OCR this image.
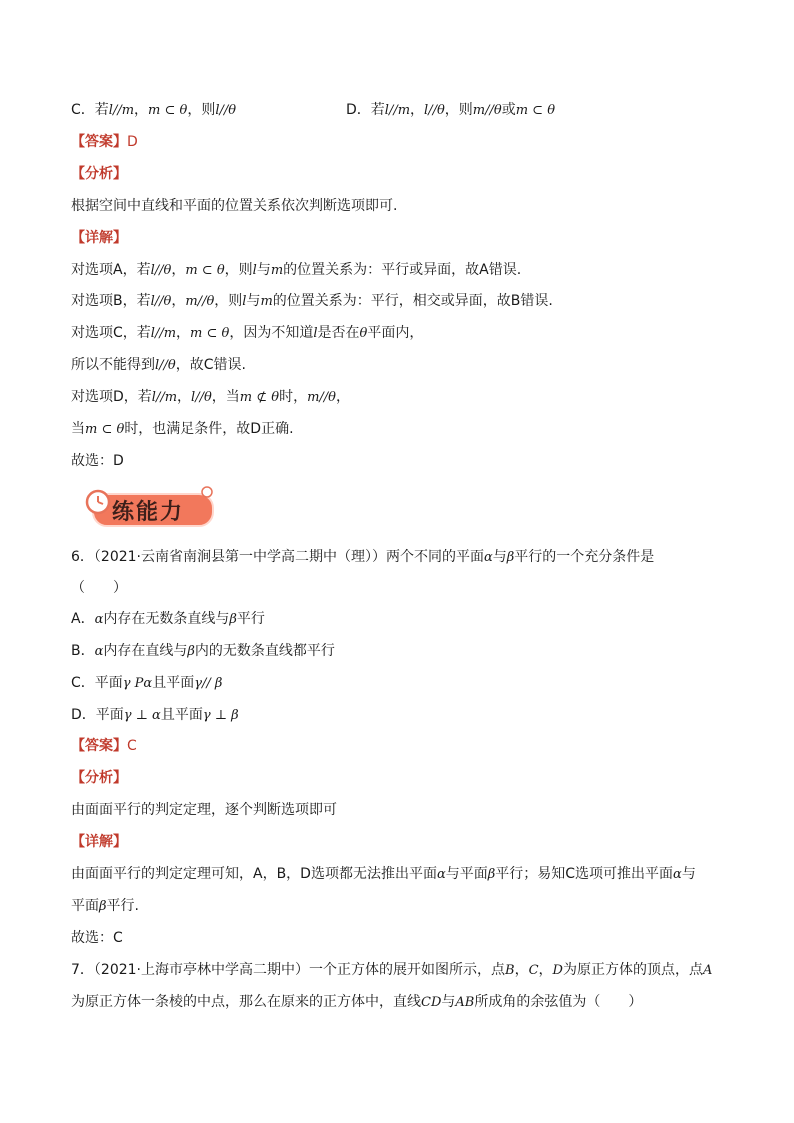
C．若l//m，m ⊂ θ，则l//θ	D．若l//m，l//θ，则m//θ或m ⊂ θ
【答案】D
【分析】
根据空间中直线和平面的位置关系依次判断选项即可.
【详解】
对选项A，若l//θ，m ⊂ θ，则l与m的位置关系为：平行或异面，故A错误.
对选项B，若l//θ，m//θ，则l与m的位置关系为：平行，相交或异面，故B错误.
对选项C，若l//m，m ⊂ θ，因为不知道l是否在θ平面内，
所以不能得到l//θ，故C错误.
对选项D，若l//m，l//θ，当m ⊄ θ时，m//θ，
当m ⊂ θ时，也满足条件，故D正确.
故选：D
练能力
6．（2021·云南省南涧县第一中学高二期中（理））两个不同的平面α与β平行的一个充分条件是
（　　）
A．α内存在无数条直线与β平行
B．α内存在直线与β内的无数条直线都平行
C．平面γ Pα且平面γ// β
D．平面γ ⊥ α且平面γ ⊥ β
【答案】C
【分析】
由面面平行的判定定理，逐个判断选项即可
【详解】
由面面平行的判定定理可知，A，B，D选项都无法推出平面α与平面β平行；易知C选项可推出平面α与
平面β平行.
故选：C
7．（2021·上海市亭林中学高二期中）一个正方体的展开如图所示，点B，C，D为原正方体的顶点，点A
为原正方体一条棱的中点，那么在原来的正方体中，直线CD与AB所成角的余弦值为（　　）
